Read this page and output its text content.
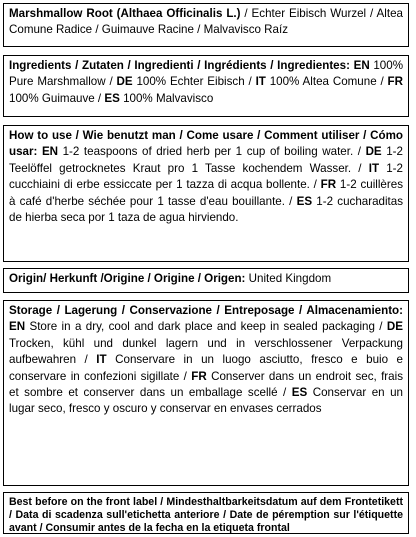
Marshmallow Root (Althaea Officinalis L.) / Echter Eibisch Wurzel / Altea Comune Radice / Guimauve Racine / Malvavisco Raíz
Ingredients / Zutaten / Ingredienti / Ingrédients / Ingredientes: EN 100% Pure Marshmallow / DE 100% Echter Eibisch / IT 100% Altea Comune / FR 100% Guimauve / ES 100% Malvavisco
How to use / Wie benutzt man / Come usare / Comment utiliser / Cómo usar: EN 1-2 teaspoons of dried herb per 1 cup of boiling water. / DE 1-2 Teelöffel getrocknetes Kraut pro 1 Tasse kochendem Wasser. / IT 1-2 cucchiaini di erbe essiccate per 1 tazza di acqua bollente. / FR 1-2 cuillères à café d'herbe séchée pour 1 tasse d'eau bouillante. / ES 1-2 cucharaditas de hierba seca por 1 taza de agua hirviendo.
Origin/ Herkunft /Origine / Origine / Origen: United Kingdom
Storage / Lagerung / Conservazione / Entreposage / Almacenamiento: EN Store in a dry, cool and dark place and keep in sealed packaging / DE Trocken, kühl und dunkel lagern und in verschlossener Verpackung aufbewahren / IT Conservare in un luogo asciutto, fresco e buio e conservare in confezioni sigillate / FR Conserver dans un endroit sec, frais et sombre et conserver dans un emballage scellé / ES Conservar en un lugar seco, fresco y oscuro y conservar en envases cerrados
Best before on the front label / Mindesthaltbarkeitsdatum auf dem Frontetikett / Data di scadenza sull'etichetta anteriore / Date de péremption sur l'étiquette avant / Consumir antes de la fecha en la etiqueta frontal
